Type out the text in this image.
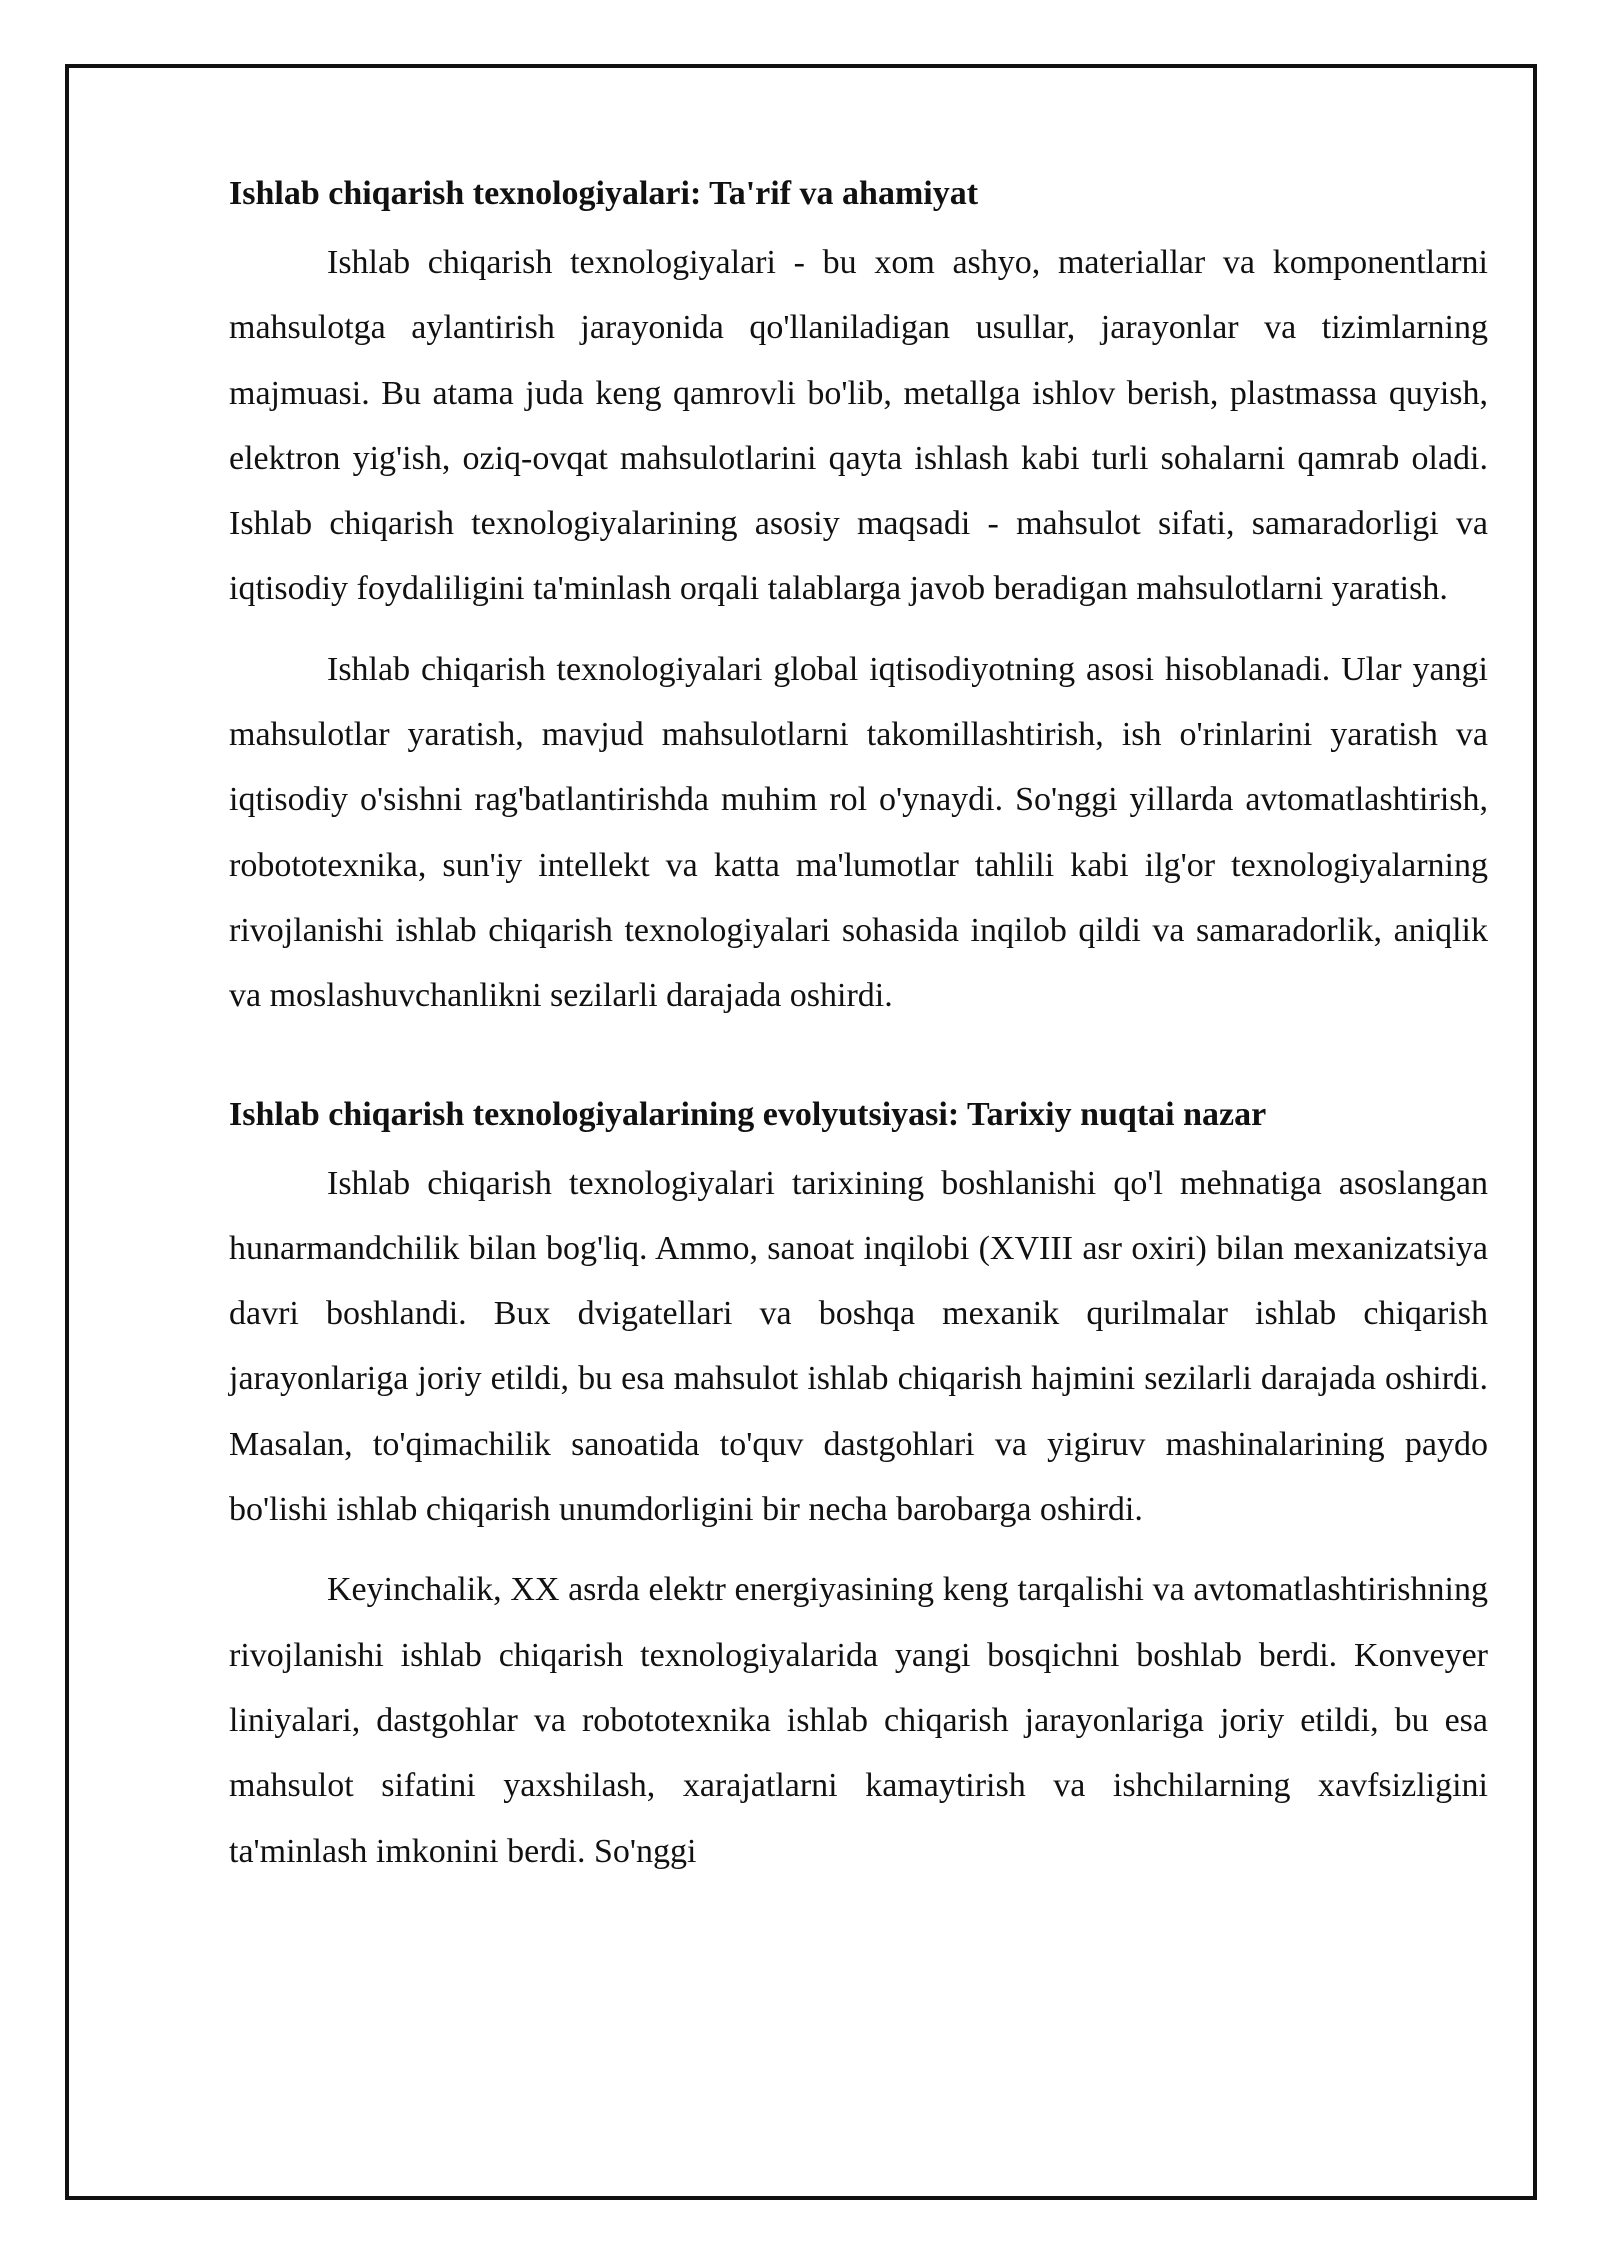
Ishlab chiqarish texnologiyalari: Ta'rif va ahamiyat

Ishlab chiqarish texnologiyalari - bu xom ashyo, materiallar va komponentlarni mahsulotga aylantirish jarayonida qo'llaniladigan usullar, jarayonlar va tizimlarning majmuasi. Bu atama juda keng qamrovli bo'lib, metallga ishlov berish, plastmassa quyish, elektron yig'ish, oziq-ovqat mahsulotlarini qayta ishlash kabi turli sohalarni qamrab oladi. Ishlab chiqarish texnologiyalarining asosiy maqsadi - mahsulot sifati, samaradorligi va iqtisodiy foydaliligini ta'minlash orqali talablarga javob beradigan mahsulotlarni yaratish.

Ishlab chiqarish texnologiyalari global iqtisodiyotning asosi hisoblanadi. Ular yangi mahsulotlar yaratish, mavjud mahsulotlarni takomillashtirish, ish o'rinlarini yaratish va iqtisodiy o'sishni rag'batlantirishda muhim rol o'ynaydi. So'nggi yillarda avtomatlashtirish, robototexnika, sun'iy intellekt va katta ma'lumotlar tahlili kabi ilg'or texnologiyalarning rivojlanishi ishlab chiqarish texnologiyalari sohasida inqilob qildi va samaradorlik, aniqlik va moslashuvchanlikni sezilarli darajada oshirdi.

Ishlab chiqarish texnologiyalarining evolyutsiyasi: Tarixiy nuqtai nazar

Ishlab chiqarish texnologiyalari tarixining boshlanishi qo'l mehnatiga asoslangan hunarmandchilik bilan bog'liq. Ammo, sanoat inqilobi (XVIII asr oxiri) bilan mexanizatsiya davri boshlandi. Bux dvigatellari va boshqa mexanik qurilmalar ishlab chiqarish jarayonlariga joriy etildi, bu esa mahsulot ishlab chiqarish hajmini sezilarli darajada oshirdi. Masalan, to'qimachilik sanoatida to'quv dastgohlari va yigiruv mashinalarining paydo bo'lishi ishlab chiqarish unumdorligini bir necha barobarga oshirdi.

Keyinchalik, XX asrda elektr energiyasining keng tarqalishi va avtomatlashtirishning rivojlanishi ishlab chiqarish texnologiyalarida yangi bosqichni boshlab berdi. Konveyer liniyalari, dastgohlar va robototexnika ishlab chiqarish jarayonlariga joriy etildi, bu esa mahsulot sifatini yaxshilash, xarajatlarni kamaytirish va ishchilarning xavfsizligini ta'minlash imkonini berdi. So'nggi
